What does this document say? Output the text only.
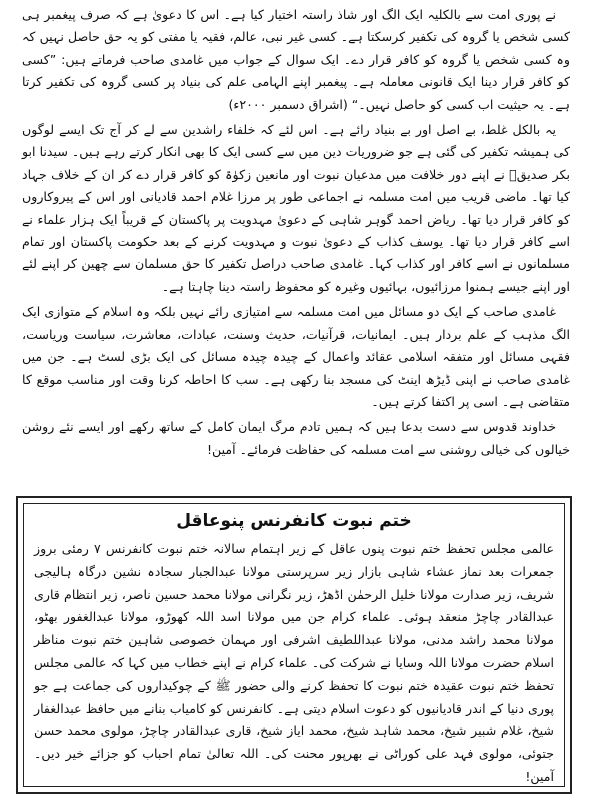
نے پوری امت سے بالکلیہ ایک الگ اور شاذ راستہ اختیار کیا ہے۔ اس کا دعویٰ ہے کہ صرف پیغمبر ہی کسی شخص یا گروہ کی تکفیر کرسکتا ہے۔ کسی غیر نبی، عالم، فقیہ یا مفتی کو یہ حق حاصل نہیں کہ وہ کسی شخص یا گروہ کو کافر قرار دے۔ ایک سوال کے جواب میں غامدی صاحب فرماتے ہیں: ”کسی کو کافر قرار دینا ایک قانونی معاملہ ہے۔ پیغمبر اپنے الہامی علم کی بنیاد پر کسی گروہ کی تکفیر کرتا ہے۔ یہ حیثیت اب کسی کو حاصل نہیں۔“ (اشراق دسمبر ۲۰۰۰ء)

یہ بالکل غلط، بے اصل اور بے بنیاد رائے ہے۔ اس لئے کہ خلفاء راشدین سے لے کر آج تک ایسے لوگوں کی ہمیشہ تکفیر کی گئی ہے جو ضروریات دین میں سے کسی ایک کا بھی انکار کرتے رہے ہیں۔ سیدنا ابو بکر صدیقؓ نے اپنے دور خلافت میں مدعیان نبوت اور مانعین زکوٰۃ کو کافر قرار دے کر ان کے خلاف جہاد کیا تھا۔ ماضی قریب میں امت مسلمہ نے اجماعی طور پر مرزا غلام احمد قادیانی اور اس کے پیروکاروں کو کافر قرار دیا تھا۔ ریاض احمد گوہر شاہی کے دعویٰ مہدویت پر پاکستان کے قریباً ایک ہزار علماء نے اسے کافر قرار دیا تھا۔ یوسف کذاب کے دعویٰ نبوت و مہدویت کرنے کے بعد حکومت پاکستان اور تمام مسلمانوں نے اسے کافر اور کذاب کہا۔ غامدی صاحب دراصل تکفیر کا حق مسلمان سے چھین کر اپنے لئے اور اپنے جیسے ہمنوا مرزائیوں، بہائیوں وغیرہ کو محفوظ راستہ دینا چاہتا ہے۔

غامدی صاحب کے ایک دو مسائل میں امت مسلمہ سے امتیازی رائے نہیں بلکہ وہ اسلام کے متوازی ایک الگ مذہب کے علم بردار ہیں۔ ایمانیات، قرآنیات، حدیث وسنت، عبادات، معاشرت، سیاست وریاست، فقہی مسائل اور متفقہ اسلامی عقائد واعمال کے چیدہ چیدہ مسائل کی ایک بڑی لسٹ ہے۔ جن میں غامدی صاحب نے اپنی ڈیڑھ اینٹ کی مسجد بنا رکھی ہے۔ سب کا احاطہ کرنا وقت اور مناسب موقع کا متقاضی ہے۔ اسی پر اکتفا کرتے ہیں۔

خداوند قدوس سے دست بدعا ہیں کہ ہمیں تادم مرگ ایمان کامل کے ساتھ رکھے اور ایسے نئے روشن خیالوں کی خیالی روشنی سے امت مسلمہ کی حفاظت فرمائے۔ آمین!

ختم نبوت کانفرنس پنوعاقل

عالمی مجلس تحفظ ختم نبوت پنوں عاقل کے زیر اہتمام سالانہ ختم نبوت کانفرنس ۷ رمئی بروز جمعرات بعد نماز عشاء شاہی بازار زیر سرپرستی مولانا عبدالجبار سجادہ نشین درگاہ ہالیجی شریف، زیر صدارت مولانا خلیل الرحمٰن اڈھڑ، زیر نگرانی مولانا محمد حسین ناصر، زیر انتظام قاری عبدالقادر چاچڑ منعقد ہوئی۔ علماء کرام جن میں مولانا اسد اللہ کھوڑو، مولانا عبدالغفور بھٹو، مولانا محمد راشد مدنی، مولانا عبداللطیف اشرفی اور مہمان خصوصی شاہین ختم نبوت مناظر اسلام حضرت مولانا اللہ وسایا نے شرکت کی۔ علماء کرام نے اپنے خطاب میں کہا کہ عالمی مجلس تحفظ ختم نبوت عقیدہ ختم نبوت کا تحفظ کرنے والی حضور ﷺ کے چوکیداروں کی جماعت ہے جو پوری دنیا کے اندر قادیانیوں کو دعوت اسلام دیتی ہے۔ کانفرنس کو کامیاب بنانے میں حافظ عبدالغفار شیخ، غلام شبیر شیخ، محمد شاہد شیخ، محمد ایاز شیخ، قاری عبدالقادر چاچڑ، مولوی محمد حسن جتوئی، مولوی فہد علی کوراٹی نے بھرپور محنت کی۔ اللہ تعالیٰ تمام احباب کو جزائے خیر دیں۔ آمین!
